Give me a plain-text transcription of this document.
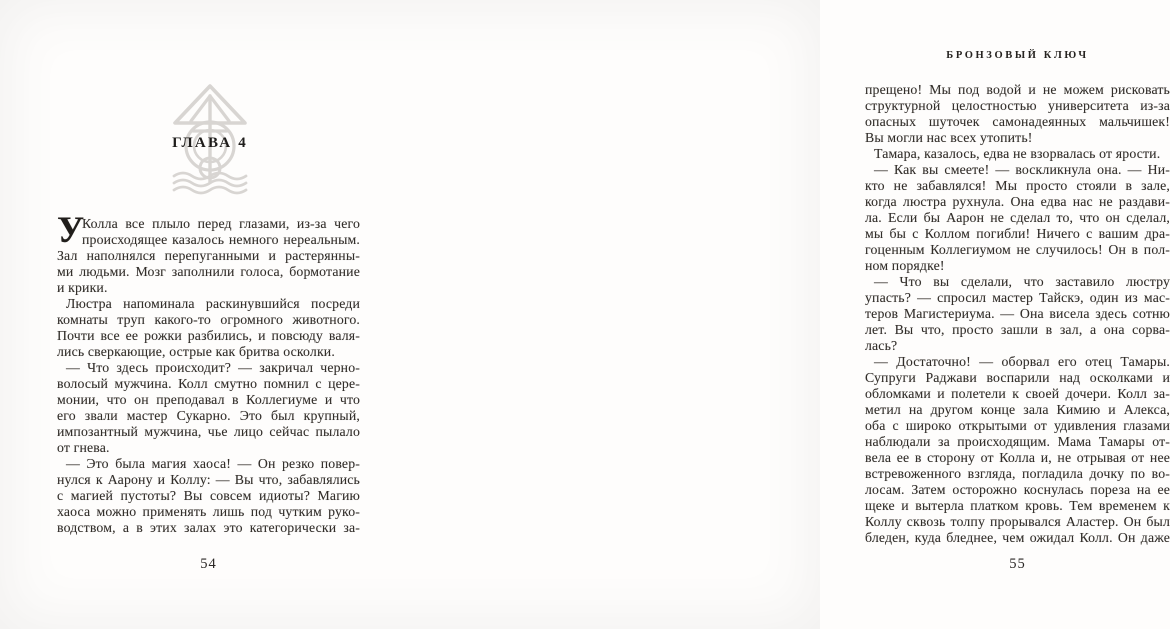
ГЛАВА 4
У
Колла все плыло перед глазами, из-за чего
происходящее казалось немного нереальным.
Зал наполнялся перепуганными и растерянны-
ми людьми. Мозг заполнили голоса, бормотание
и крики.
Люстра напоминала раскинувшийся посреди
комнаты труп какого-то огромного животного.
Почти все ее рожки разбились, и повсюду валя-
лись сверкающие, острые как бритва осколки.
— Что здесь происходит? — закричал черно-
волосый мужчина. Колл смутно помнил с цере-
монии, что он преподавал в Коллегиуме и что
его звали мастер Сукарно. Это был крупный,
импозантный мужчина, чье лицо сейчас пылало
от гнева.
— Это была магия хаоса! — Он резко повер-
нулся к Аарону и Коллу: — Вы что, забавлялись
с магией пустоты? Вы совсем идиоты? Магию
хаоса можно применять лишь под чутким руко-
водством, а в этих залах это категорически за-
54
БРОНЗОВЫЙ КЛЮЧ
прещено! Мы под водой и не можем рисковать
структурной целостностью университета из-за
опасных шуточек самонадеянных мальчишек!
Вы могли нас всех утопить!
Тамара, казалось, едва не взорвалась от ярости.
— Как вы смеете! — воскликнула она. — Ни-
кто не забавлялся! Мы просто стояли в зале,
когда люстра рухнула. Она едва нас не раздави-
ла. Если бы Аарон не сделал то, что он сделал,
мы бы с Коллом погибли! Ничего с вашим дра-
гоценным Коллегиумом не случилось! Он в пол-
ном порядке!
— Что вы сделали, что заставило люстру
упасть? — спросил мастер Тайскэ, один из мас-
теров Магистериума. — Она висела здесь сотню
лет. Вы что, просто зашли в зал, а она сорва-
лась?
— Достаточно! — оборвал его отец Тамары.
Супруги Раджави воспарили над осколками и
обломками и полетели к своей дочери. Колл за-
метил на другом конце зала Кимию и Алекса,
оба с широко открытыми от удивления глазами
наблюдали за происходящим. Мама Тамары от-
вела ее в сторону от Колла и, не отрывая от нее
встревоженного взгляда, погладила дочку по во-
лосам. Затем осторожно коснулась пореза на ее
щеке и вытерла платком кровь. Тем временем к
Коллу сквозь толпу прорывался Аластер. Он был
бледен, куда бледнее, чем ожидал Колл. Он даже
55
